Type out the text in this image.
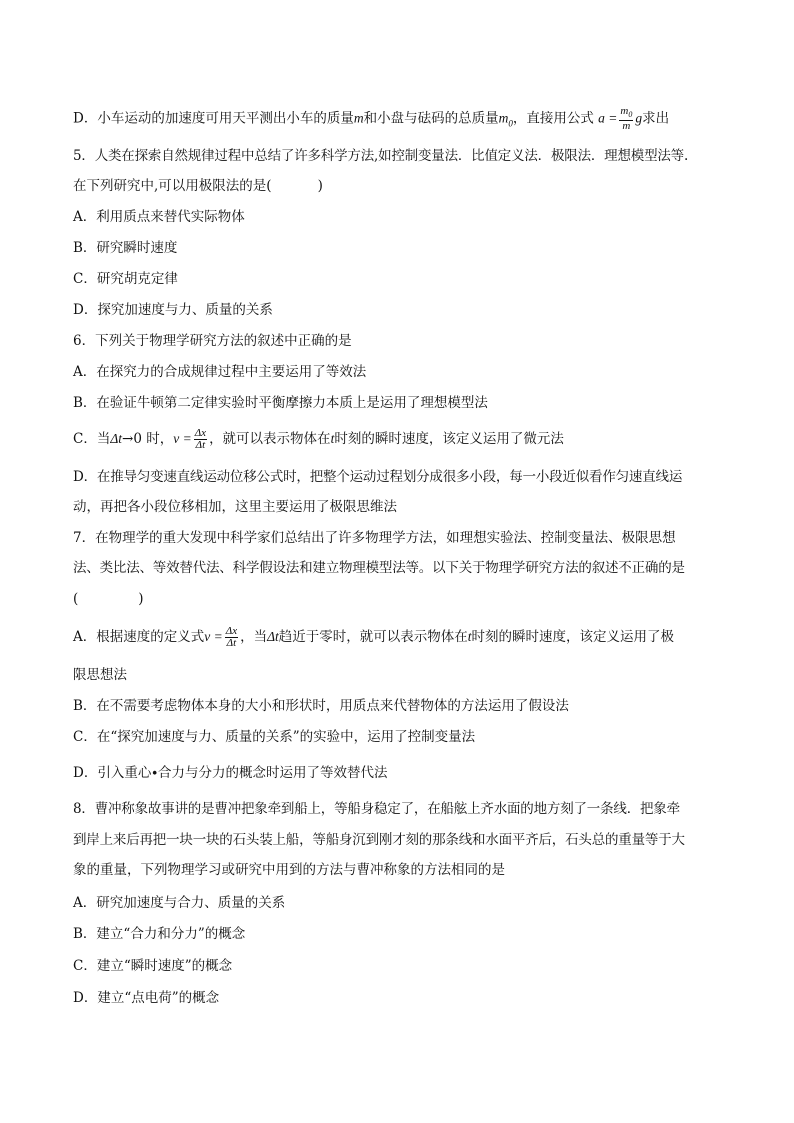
D．小车运动的加速度可用天平测出小车的质量m和小盘与砝码的总质量$m_0$，直接用公式 $a = \frac{m_0}{m}$ g求出
5．人类在探索自然规律过程中总结了许多科学方法,如控制变量法．比值定义法．极限法．理想模型法等.
在下列研究中,可以用极限法的是(	)
A．利用质点来替代实际物体
B．研究瞬时速度
C．研究胡克定律
D．探究加速度与力、质量的关系
6．下列关于物理学研究方法的叙述中正确的是
A．在探究力的合成规律过程中主要运用了等效法
B．在验证牛顿第二定律实验时平衡摩擦力本质上是运用了理想模型法
C．当Δt→0 时，$v = \frac{\Delta x}{\Delta t}$ ，就可以表示物体在t时刻的瞬时速度，该定义运用了微元法
D．在推导匀变速直线运动位移公式时，把整个运动过程划分成很多小段，每一小段近似看作匀速直线运
动，再把各小段位移相加，这里主要运用了极限思维法
7．在物理学的重大发现中科学家们总结出了许多物理学方法，如理想实验法、控制变量法、极限思想
法、类比法、等效替代法、科学假设法和建立物理模型法等。以下关于物理学研究方法的叙述不正确的是
(	)
A．根据速度的定义式$v = \frac{\Delta x}{\Delta t}$ ，当Δt趋近于零时，就可以表示物体在t时刻的瞬时速度，该定义运用了极
限思想法
B．在不需要考虑物体本身的大小和形状时，用质点来代替物体的方法运用了假设法
C．在“探究加速度与力、质量的关系”的实验中，运用了控制变量法
D．引入重心∙合力与分力的概念时运用了等效替代法
8．曹冲称象故事讲的是曹冲把象牵到船上，等船身稳定了，在船舷上齐水面的地方刻了一条线．把象牵
到岸上来后再把一块一块的石头装上船，等船身沉到刚才刻的那条线和水面平齐后，石头总的重量等于大
象的重量，下列物理学习或研究中用到的方法与曹冲称象的方法相同的是
A．研究加速度与合力、质量的关系
B．建立“合力和分力”的概念
C．建立“瞬时速度”的概念
D．建立“点电荷”的概念
